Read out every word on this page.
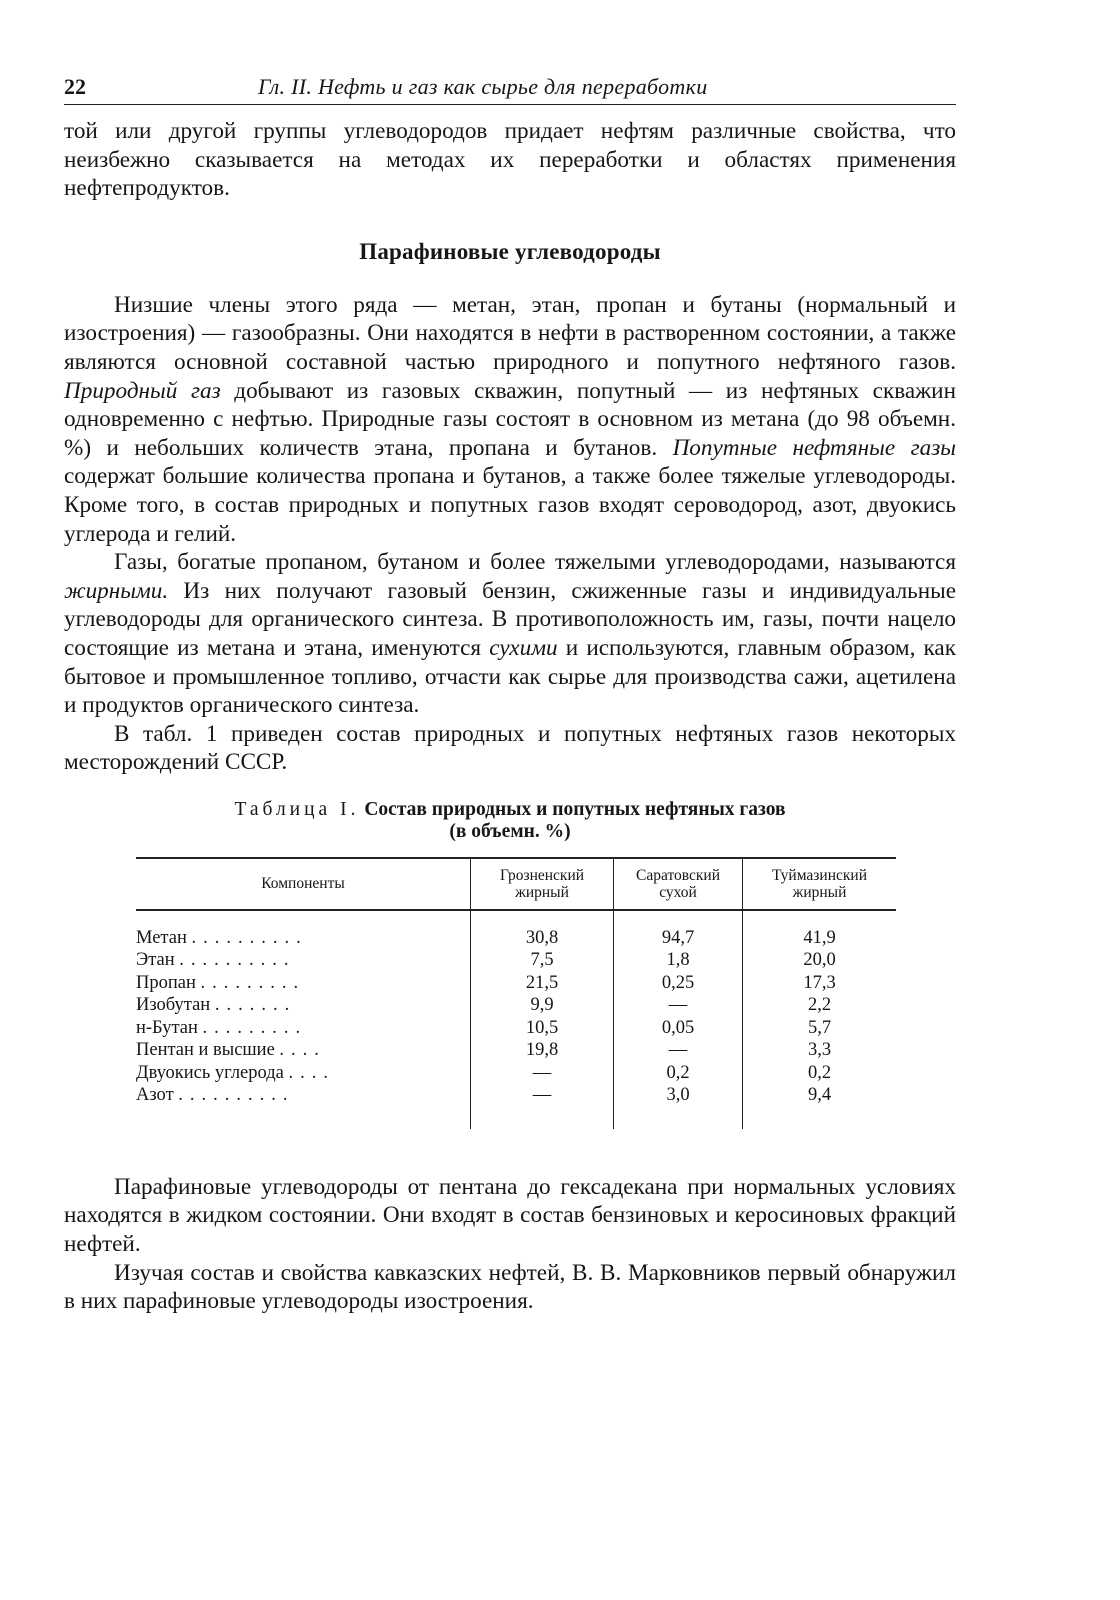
22	Гл. II. Нефть и газ как сырье для переработки

той или другой группы углеводородов придает нефтям различные свойства, что неизбежно сказывается на методах их переработки и областях применения нефтепродуктов.

Парафиновые углеводороды

Низшие члены этого ряда — метан, этан, пропан и бутаны (нормальный и изостроения) — газообразны. Они находятся в нефти в растворенном состоянии, а также являются основной составной частью природного и попутного нефтяного газов. Природный газ добывают из газовых скважин, попутный — из нефтяных скважин одновременно с нефтью. Природные газы состоят в основном из метана (до 98 объемн. %) и небольших количеств этана, пропана и бутанов. Попутные нефтяные газы содержат большие количества пропана и бутанов, а также более тяжелые углеводороды. Кроме того, в состав природных и попутных газов входят сероводород, азот, двуокись углерода и гелий.

Газы, богатые пропаном, бутаном и более тяжелыми углеводородами, называются жирными. Из них получают газовый бензин, сжиженные газы и индивидуальные углеводороды для органического синтеза. В противоположность им, газы, почти нацело состоящие из метана и этана, именуются сухими и используются, главным образом, как бытовое и промышленное топливо, отчасти как сырье для производства сажи, ацетилена и продуктов органического синтеза.

В табл. 1 приведен состав природных и попутных нефтяных газов некоторых месторождений СССР.

Таблица I. Состав природных и попутных нефтяных газов
(в объемн. %)
Компоненты	Грозненский жирный	Саратовский сухой	Туймазинский жирный

Метан ..........	30,8	94,7	41,9
Этан ..........	7,5	1,8	20,0
Пропан .........	21,5	0,25	17,3
Изобутан .......	9,9	—	2,2
н-Бутан .........	10,5	0,05	5,7
Пентан и высшие ....	19,8	—	3,3
Двуокись углерода ....	—	0,2	0,2
Азот ..........	—	3,0	9,4

Парафиновые углеводороды от пентана до гексадекана при нормальных условиях находятся в жидком состоянии. Они входят в состав бензиновых и керосиновых фракций нефтей.

Изучая состав и свойства кавказских нефтей, В. В. Марковников первый обнаружил в них парафиновые углеводороды изостроения.
